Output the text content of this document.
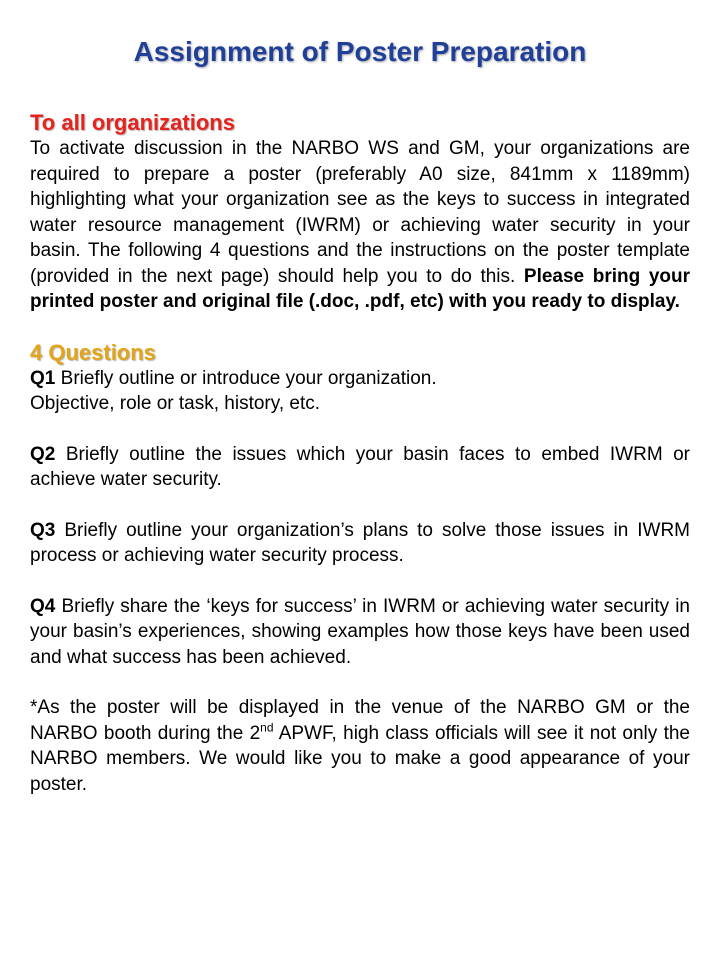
Assignment of Poster Preparation
To all organizations

To activate discussion in the NARBO WS and GM, your organizations are required to prepare a poster (preferably A0 size, 841mm x 1189mm) highlighting what your organization see as the keys to success in integrated water resource management (IWRM) or achieving water security in your basin. The following 4 questions and the instructions on the poster template (provided in the next page) should help you to do this. Please bring your printed poster and original file (.doc, .pdf, etc) with you ready to display.

4 Questions

Q1 Briefly outline or introduce your organization.

Objective, role or task, history, etc.

Q2 Briefly outline the issues which your basin faces to embed IWRM or achieve water security.

Q3 Briefly outline your organization’s plans to solve those issues in IWRM process or achieving water security process.

Q4 Briefly share the ‘keys for success’ in IWRM or achieving water security in your basin’s experiences, showing examples how those keys have been used and what success has been achieved.

*As the poster will be displayed in the venue of the NARBO GM or the NARBO booth during the 2nd APWF, high class officials will see it not only the NARBO members. We would like you to make a good appearance of your poster.
